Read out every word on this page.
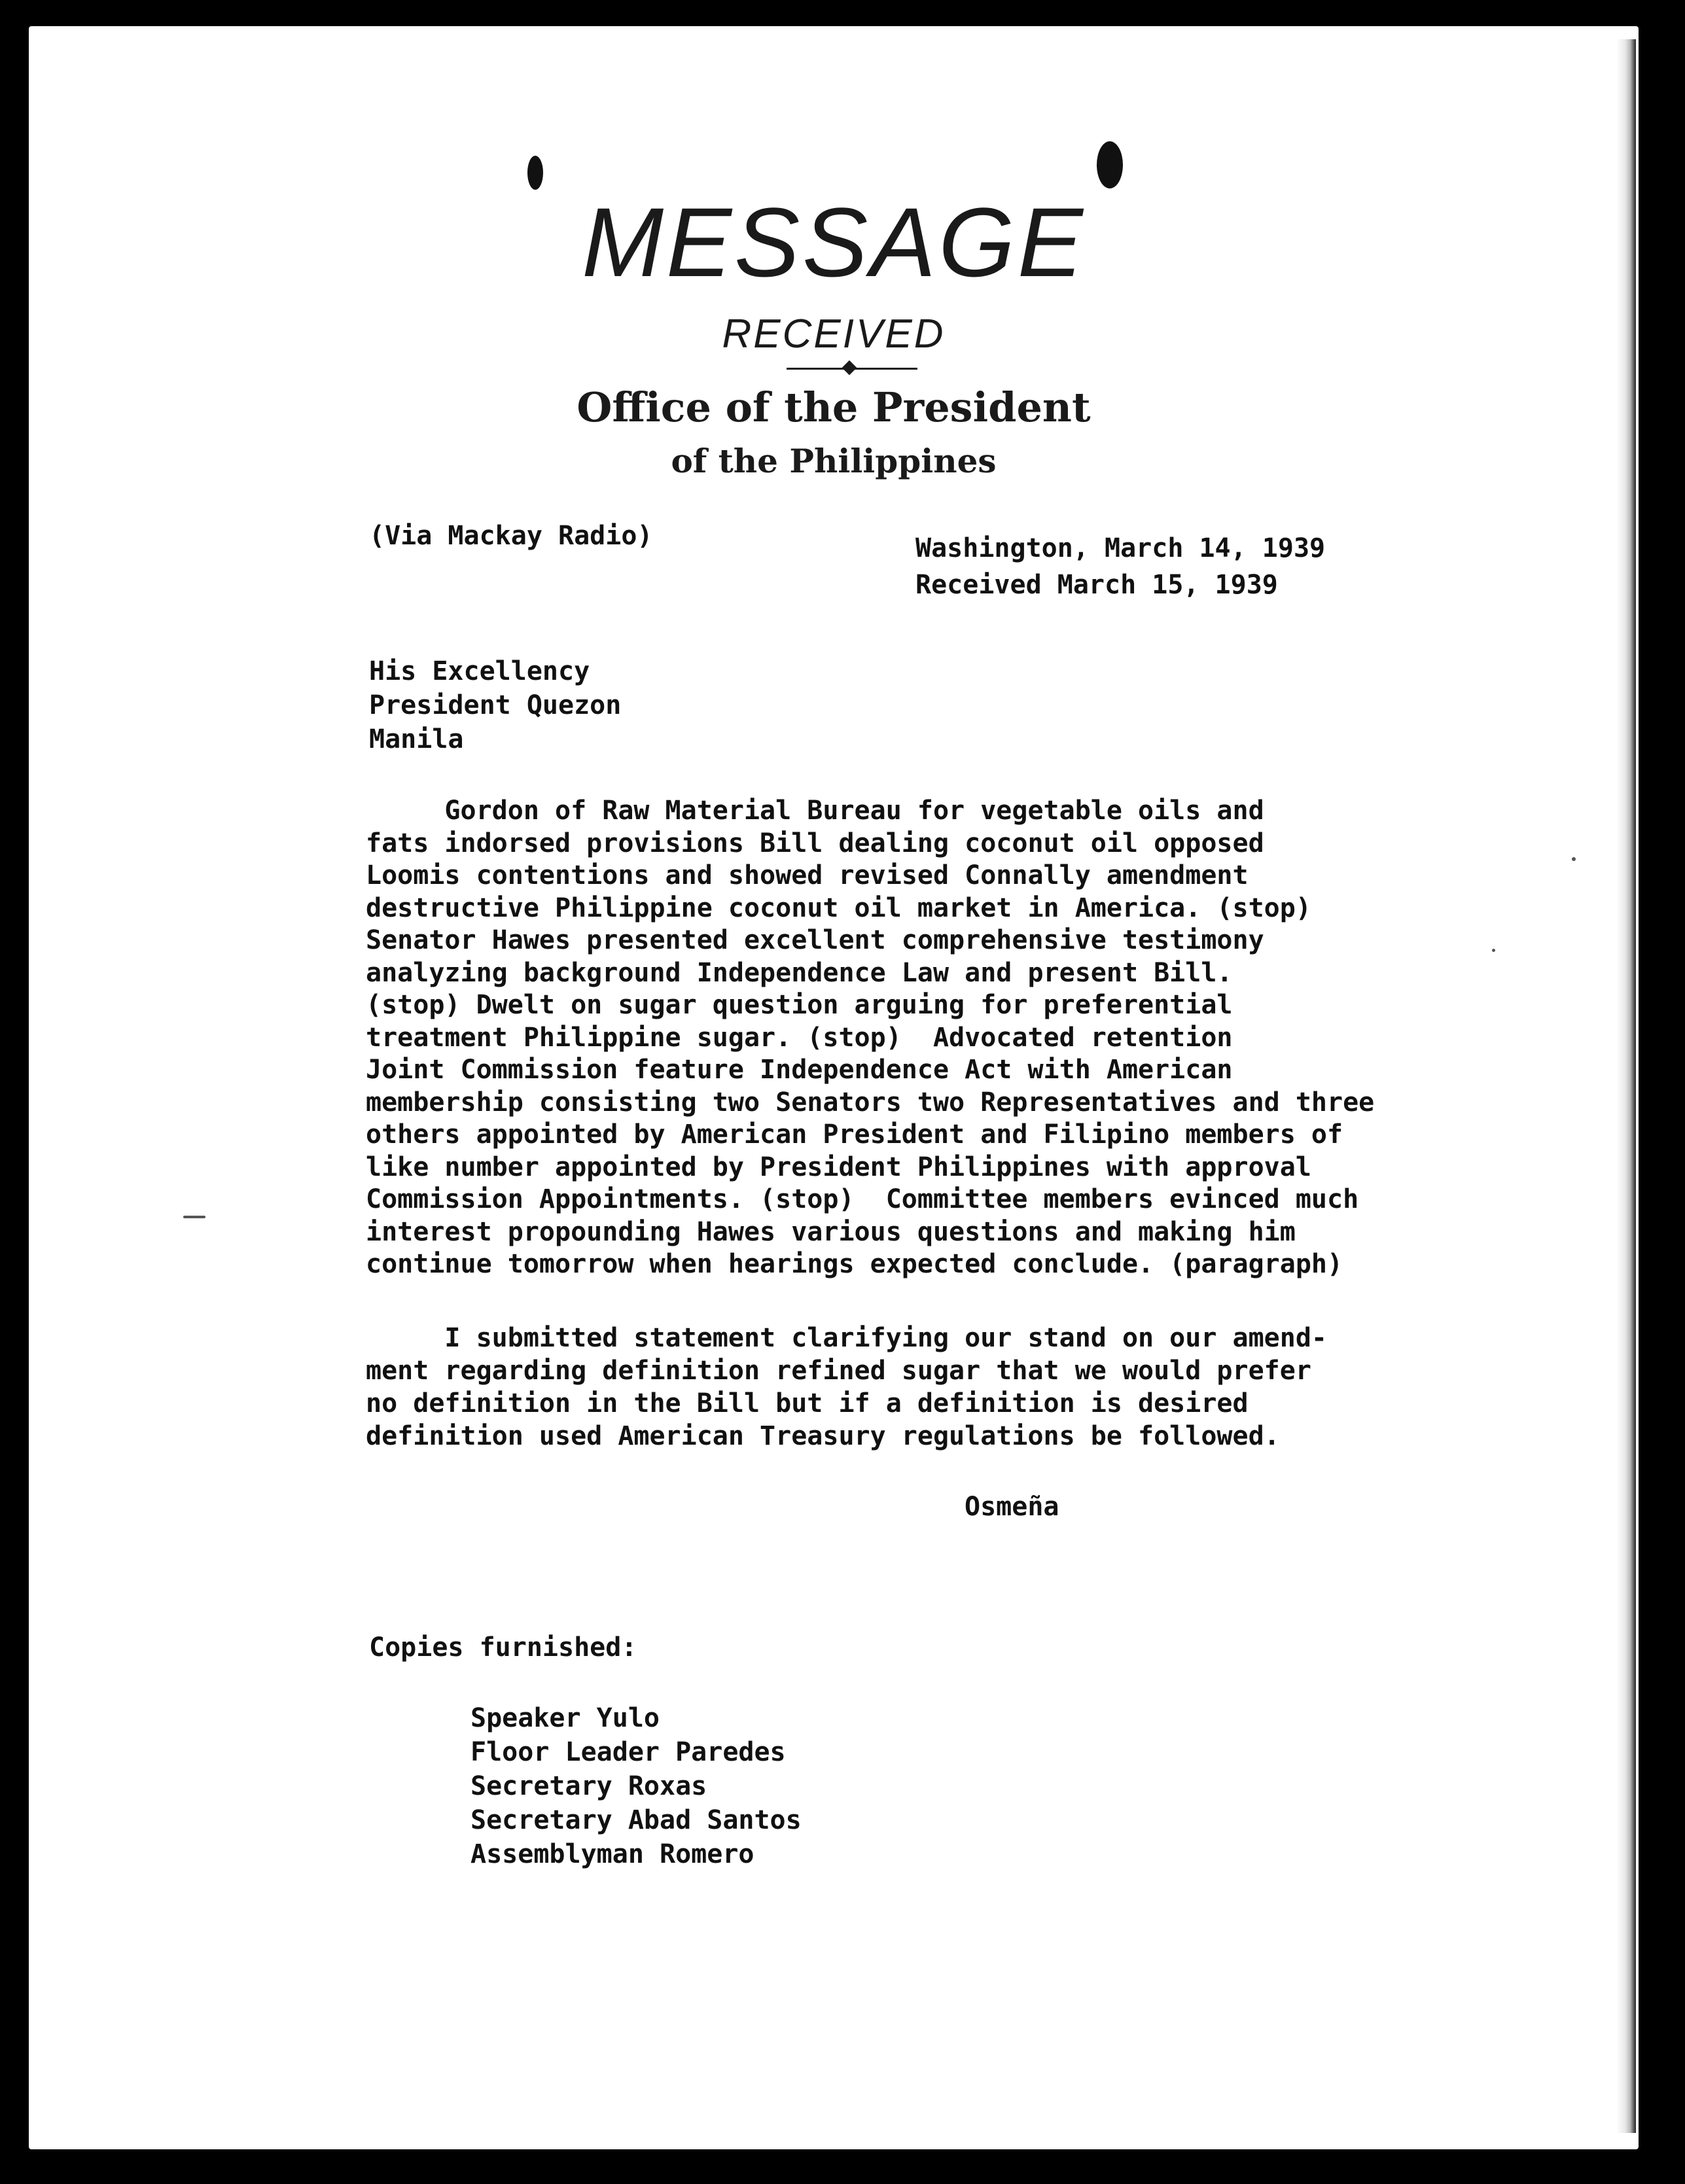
MESSAGE
RECEIVED
Office of the President
of the Philippines
(Via Mackay Radio)	Washington, March 14, 1939
Received March 15, 1939
His Excellency
President Quezon
Manila
Gordon of Raw Material Bureau for vegetable oils and
fats indorsed provisions Bill dealing coconut oil opposed
Loomis contentions and showed revised Connally amendment
destructive Philippine coconut oil market in America. (stop)
Senator Hawes presented excellent comprehensive testimony
analyzing background Independence Law and present Bill.
(stop) Dwelt on sugar question arguing for preferential
treatment Philippine sugar. (stop)  Advocated retention
Joint Commission feature Independence Act with American
membership consisting two Senators two Representatives and three
others appointed by American President and Filipino members of
like number appointed by President Philippines with approval
Commission Appointments. (stop)  Committee members evinced much
interest propounding Hawes various questions and making him
continue tomorrow when hearings expected conclude. (paragraph)
I submitted statement clarifying our stand on our amend-
ment regarding definition refined sugar that we would prefer
no definition in the Bill but if a definition is desired
definition used American Treasury regulations be followed.
Osmeña
Copies furnished:
Speaker Yulo
Floor Leader Paredes
Secretary Roxas
Secretary Abad Santos
Assemblyman Romero
